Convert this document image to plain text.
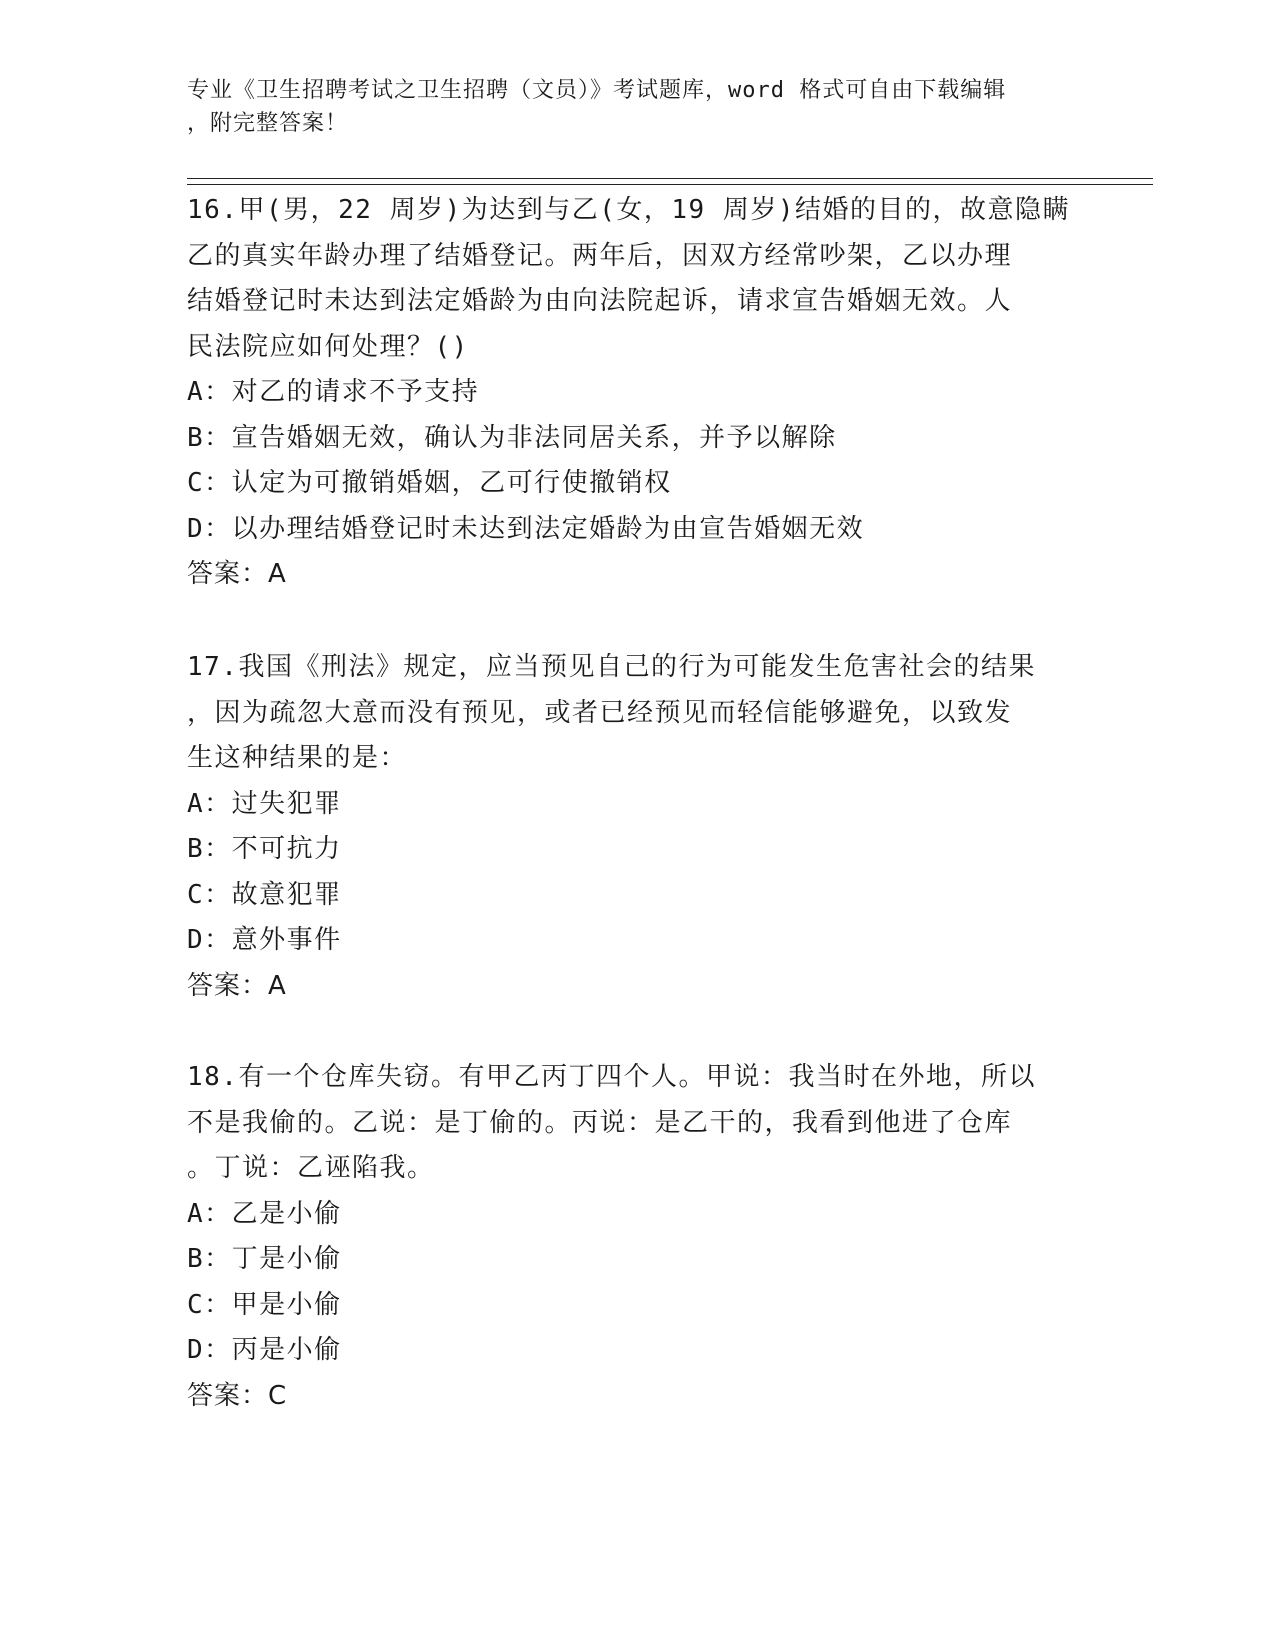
专业《卫生招聘考试之卫生招聘（文员）》考试题库，word 格式可自由下载编辑
，附完整答案！

16.甲(男，22 周岁)为达到与乙(女，19 周岁)结婚的目的，故意隐瞒

乙的真实年龄办理了结婚登记。两年后，因双方经常吵架，乙以办理

结婚登记时未达到法定婚龄为由向法院起诉，请求宣告婚姻无效。人

民法院应如何处理？()

A：对乙的请求不予支持

B：宣告婚姻无效，确认为非法同居关系，并予以解除

C：认定为可撤销婚姻，乙可行使撤销权

D：以办理结婚登记时未达到法定婚龄为由宣告婚姻无效

答案：A

17.我国《刑法》规定，应当预见自己的行为可能发生危害社会的结果

，因为疏忽大意而没有预见，或者已经预见而轻信能够避免，以致发

生这种结果的是：

A：过失犯罪

B：不可抗力

C：故意犯罪

D：意外事件

答案：A

18.有一个仓库失窃。有甲乙丙丁四个人。甲说：我当时在外地，所以

不是我偷的。乙说：是丁偷的。丙说：是乙干的，我看到他进了仓库

。丁说：乙诬陷我。

A：乙是小偷

B：丁是小偷

C：甲是小偷

D：丙是小偷

答案：C
